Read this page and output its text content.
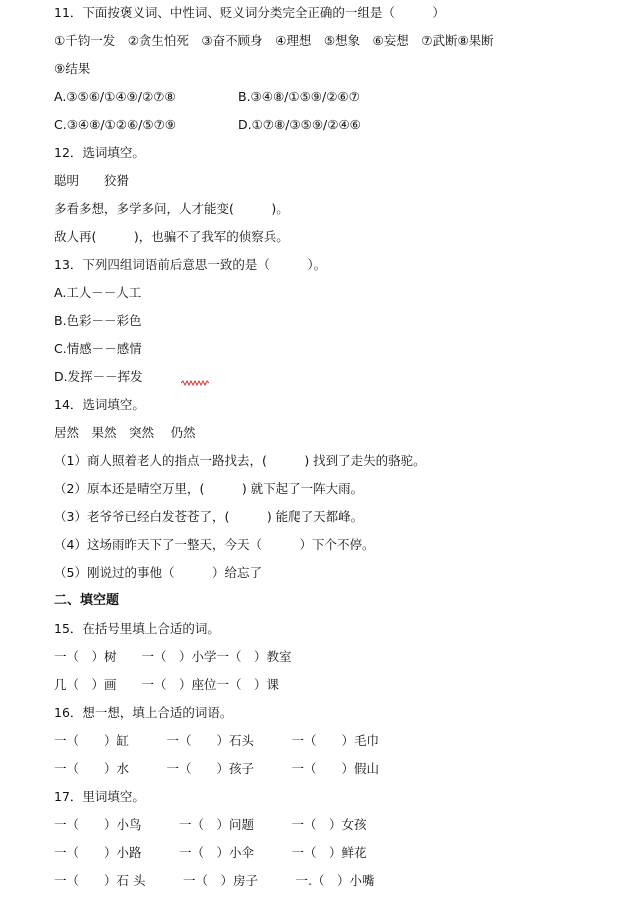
11．下面按褒义词、中性词、贬义词分类完全正确的一组是（　　　）
①千钧一发　②贪生怕死　③奋不顾身　④理想　⑤想象　⑥妄想　⑦武断⑧果断
⑨结果
A.③⑤⑥/①④⑨/②⑦⑧	B.③④⑧/①⑤⑨/②⑥⑦
C.③④⑧/①②⑥/⑤⑦⑨	D.①⑦⑧/③⑤⑨/②④⑥
12．选词填空。
聪明　　狡猾
多看多想，多学多问，人才能变(　　　)。
敌人再(　　　)，也骗不了我军的侦察兵。
13．下列四组词语前后意思一致的是（　　　）。
A.工人－－人工
B.色彩－－彩色
C.情感－－感情
D.发挥－－挥发
14．选词填空。
居然　果然　突然　 仍然
（1）商人照着老人的指点一路找去，(　　　) 找到了走失的骆驼。
（2）原本还是晴空万里，(　　　) 就下起了一阵大雨。
（3）老爷爷已经白发苍苍了，(　　　) 能爬了天都峰。
（4）这场雨昨天下了一整天，今天（　　　）下个不停。
（5）刚说过的事他（　　　）给忘了
二、填空题
15．在括号里填上合适的词。
一（　）树　　一（　）小学一（　）教室
几（　）画　　一（　）座位一（　）课
16．想一想，填上合适的词语。
一（　　）缸　　　一（　　）石头　　　一（　　）毛巾
一（　　）水　　　一（　　）孩子　　　一（　　）假山
17．里词填空。
一（　　）小鸟　　　一（　）问题　　　一（　）女孩
一（　　）小路　　　一（　）小伞　　　一（　）鲜花
一（　　）石 头　　　一（　）房子　　　一.（　）小嘴
